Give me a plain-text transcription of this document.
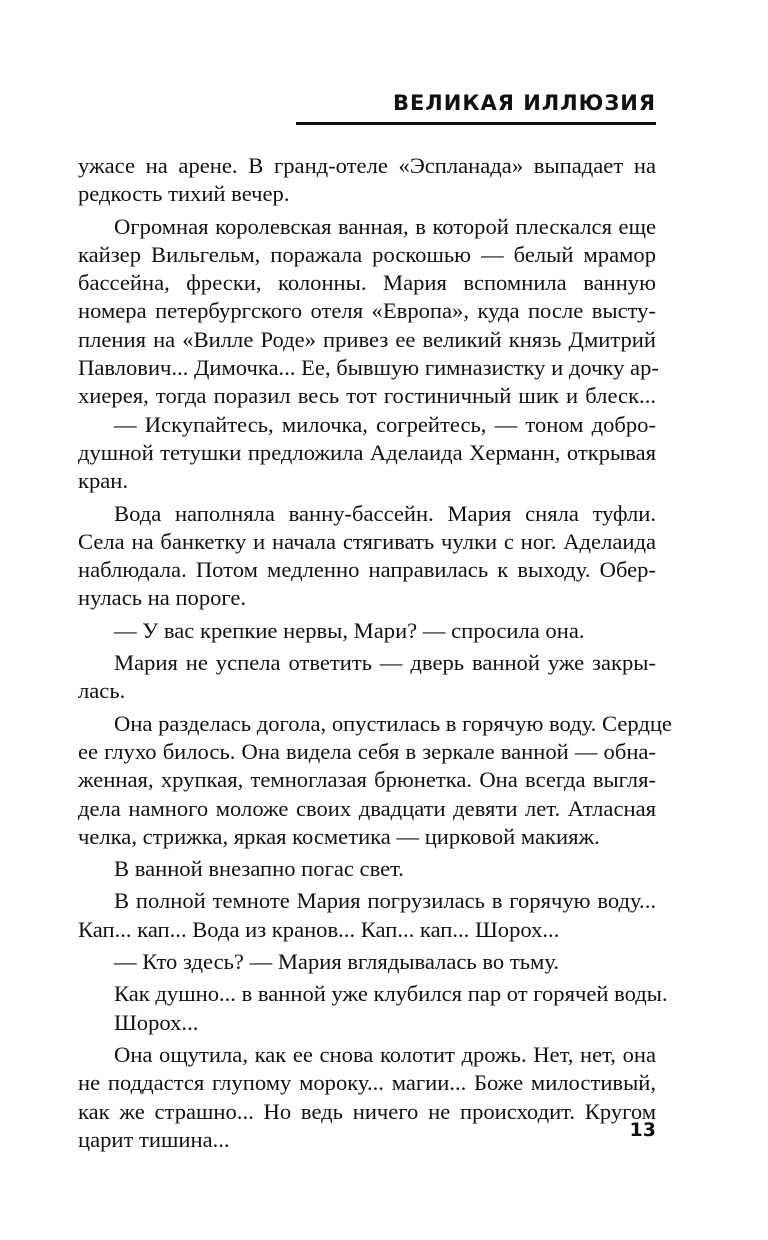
ВЕЛИКАЯ ИЛЛЮЗИЯ
ужасе на арене. В гранд-отеле «Эспланада» выпадает на
редкость тихий вечер.
Огромная королевская ванная, в которой плескался еще
кайзер Вильгельм, поражала роскошью — белый мрамор
бассейна, фрески, колонны. Мария вспомнила ванную
номера петербургского отеля «Европа», куда после высту-
пления на «Вилле Роде» привез ее великий князь Дмитрий
Павлович... Димочка... Ее, бывшую гимназистку и дочку ар-
хиерея, тогда поразил весь тот гостиничный шик и блеск...
— Искупайтесь, милочка, согрейтесь, — тоном добро-
душной тетушки предложила Аделаида Херманн, открывая
кран.
Вода наполняла ванну-бассейн. Мария сняла туфли.
Села на банкетку и начала стягивать чулки с ног. Аделаида
наблюдала. Потом медленно направилась к выходу. Обер-
нулась на пороге.
— У вас крепкие нервы, Мари? — спросила она.
Мария не успела ответить — дверь ванной уже закры-
лась.
Она разделась догола, опустилась в горячую воду. Сердце
ее глухо билось. Она видела себя в зеркале ванной — обна-
женная, хрупкая, темноглазая брюнетка. Она всегда выгля-
дела намного моложе своих двадцати девяти лет. Атласная
челка, стрижка, яркая косметика — цирковой макияж.
В ванной внезапно погас свет.
В полной темноте Мария погрузилась в горячую воду...
Кап... кап... Вода из кранов... Кап... кап... Шорох...
— Кто здесь? — Мария вглядывалась во тьму.
Как душно... в ванной уже клубился пар от горячей воды.
Шорох...
Она ощутила, как ее снова колотит дрожь. Нет, нет, она
не поддастся глупому мороку... магии... Боже милостивый,
как же страшно... Но ведь ничего не происходит. Кругом
царит тишина...	13
